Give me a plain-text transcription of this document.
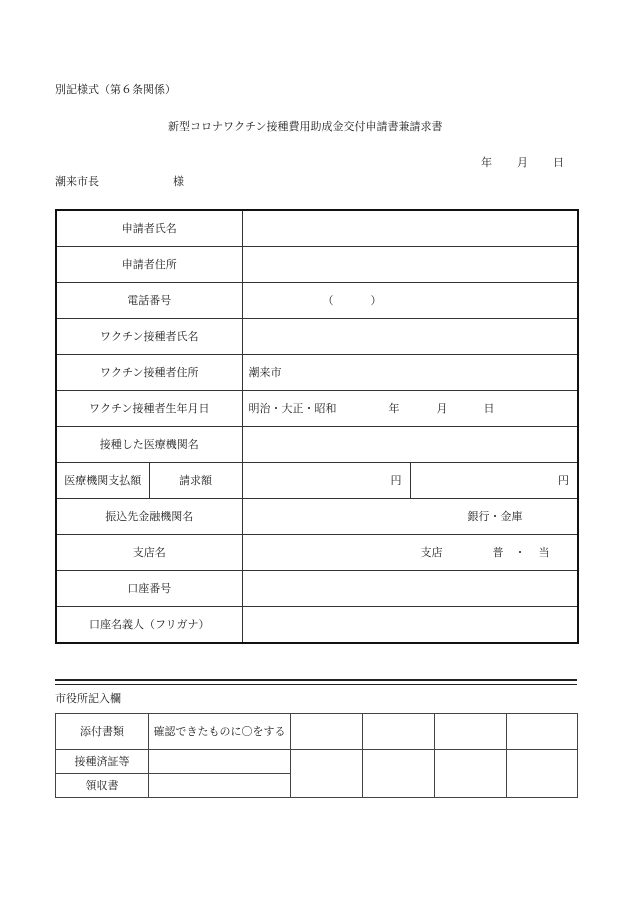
別記様式（第６条関係）
新型コロナワクチン接種費用助成金交付申請書兼請求書
年 月 日
潮来市長	様
申請者氏名			
申請者住所			
電話番号		（ ）	

ワクチン接種者氏名			
ワクチン接種者住所		潮来市	
ワクチン接種者生年月日		明治・大正・昭和 年 月 日	

接種した医療機関名			
医療機関支払額	請求額	円	円

振込先金融機関名		銀行・金庫	

支店名		支店 普 ・ 当	

口座番号			
口座名義人（フリガナ）			
市役所記入欄
添付書類	確認できたものに〇をする				
接種済証等					
領収書					
